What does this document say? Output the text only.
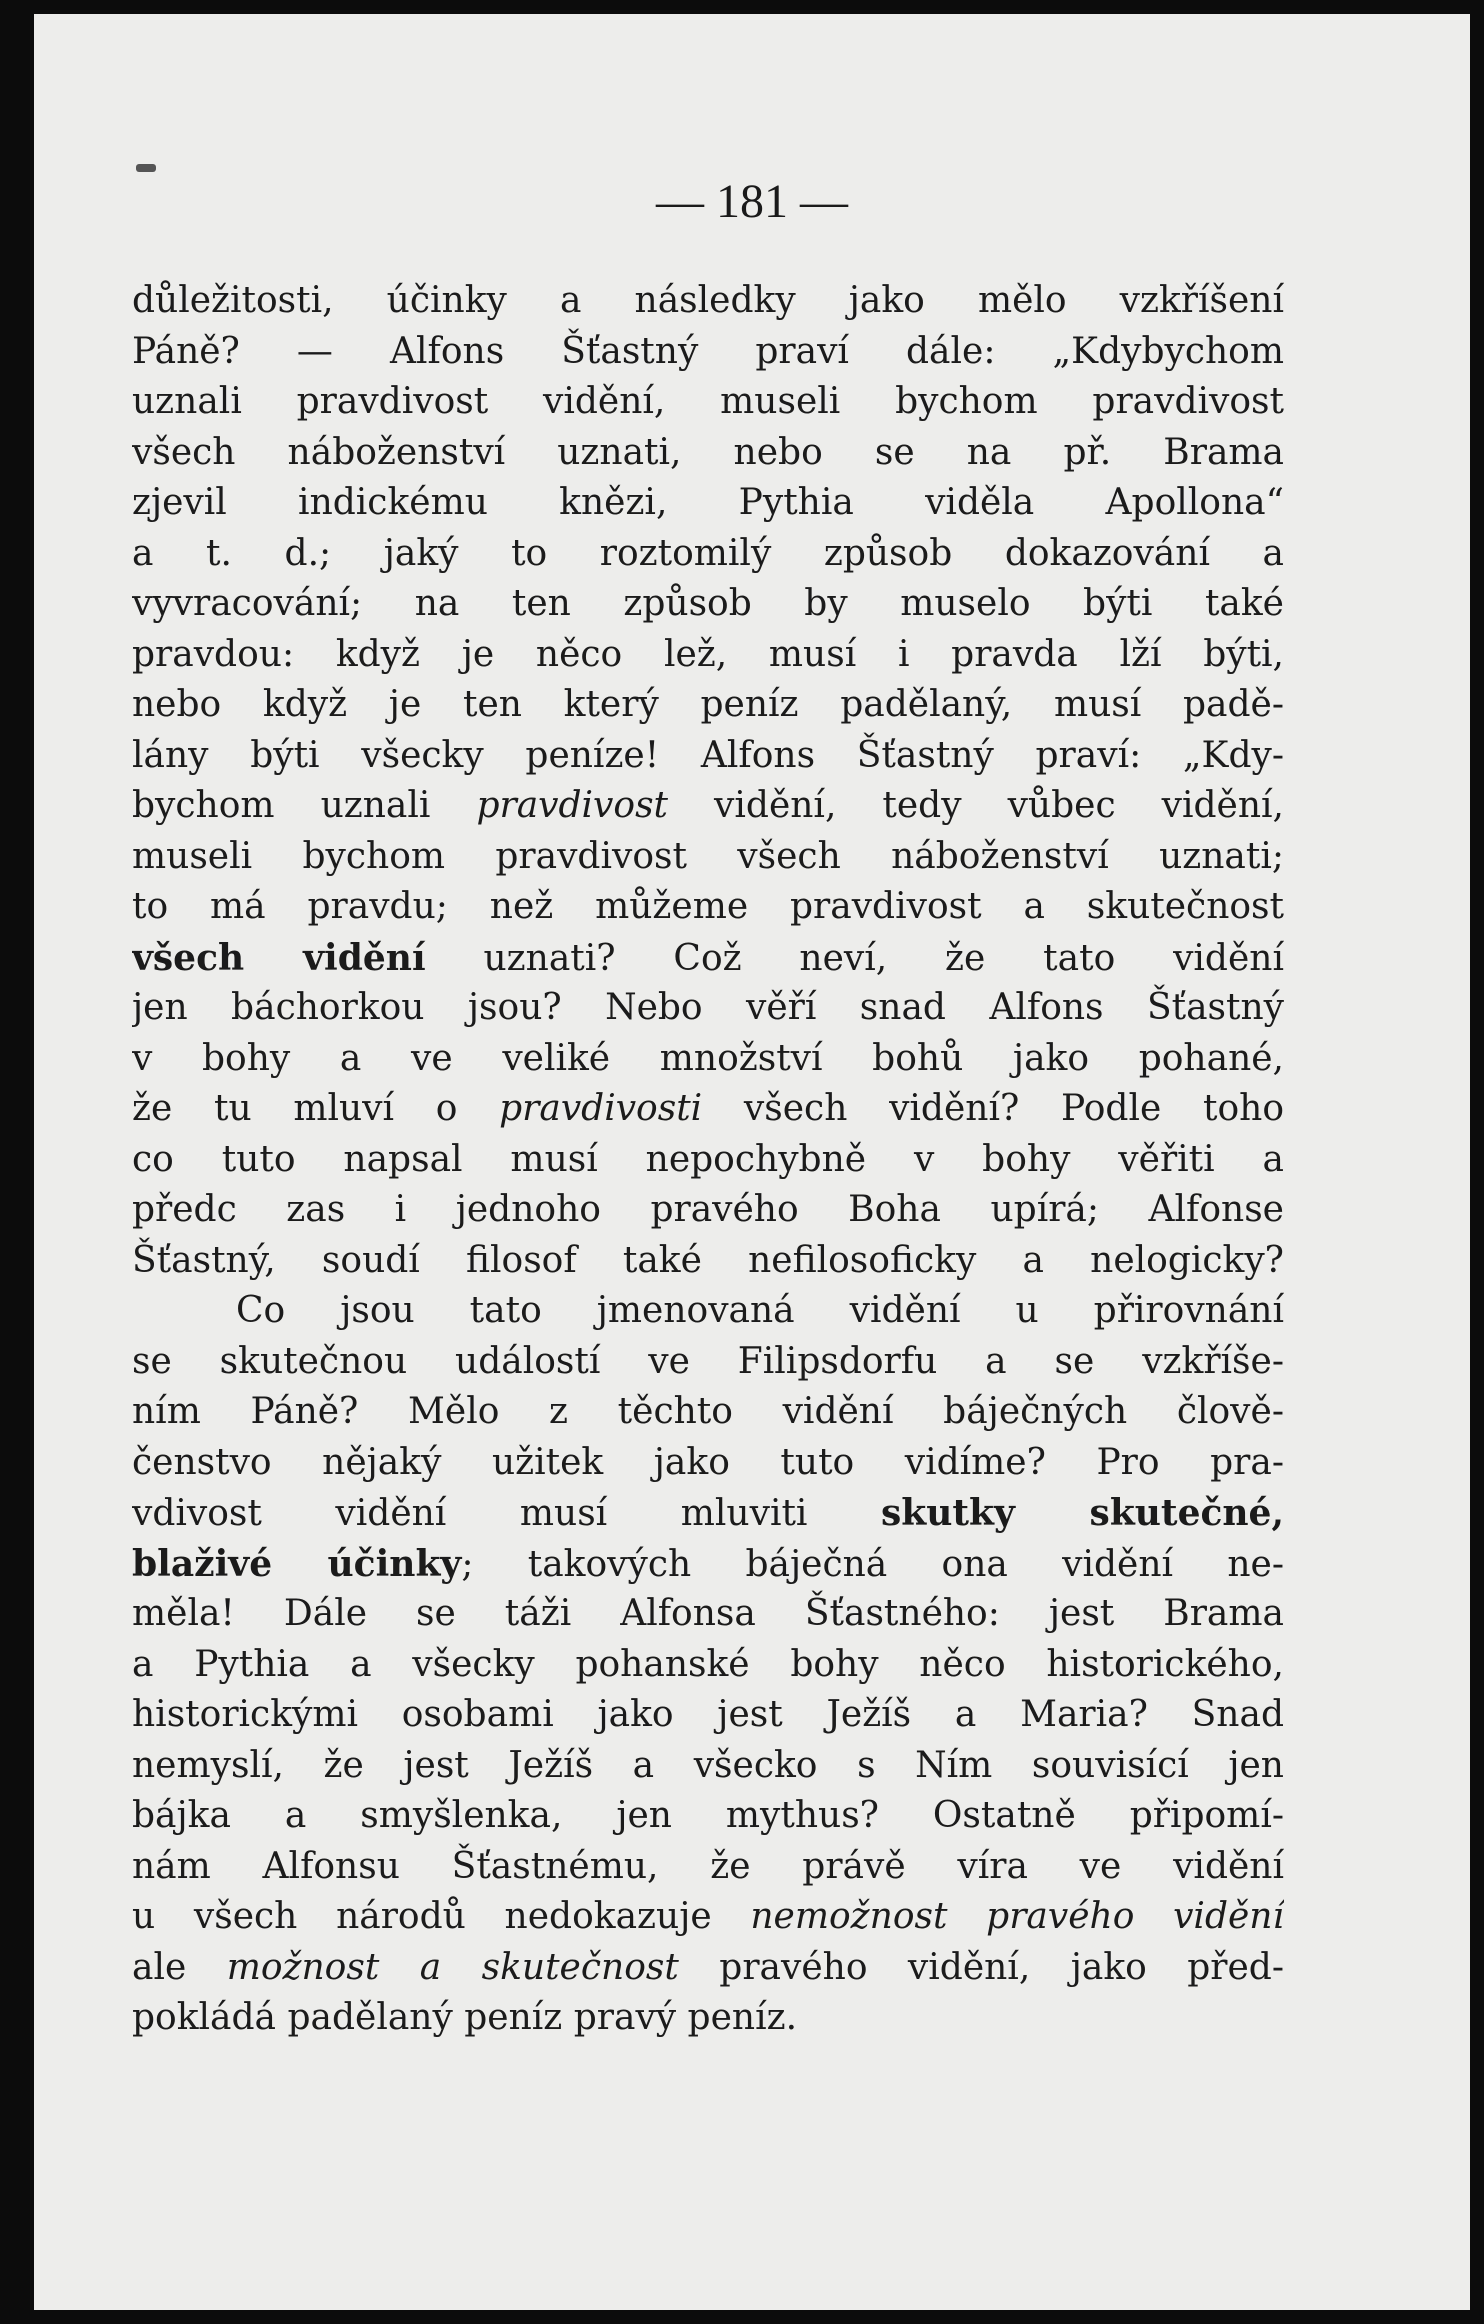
— 181 —
důležitosti, účinky a následky jako mělo vzkříšení
Páně? — Alfons Šťastný praví dále: „Kdybychom
uznali pravdivost vidění, museli bychom pravdivost
všech náboženství uznati, nebo se na př. Brama
zjevil indickému knězi, Pythia viděla Apollona“
a t. d.; jaký to roztomilý způsob dokazování a
vyvracování; na ten způsob by muselo býti také
pravdou: když je něco lež, musí i pravda lží býti,
nebo když je ten který peníz padělaný, musí padě-
lány býti všecky peníze! Alfons Šťastný praví: „Kdy-
bychom uznali pravdivost vidění, tedy vůbec vidění,
museli bychom pravdivost všech náboženství uznati;
to má pravdu; než můžeme pravdivost a skutečnost
všech vidění uznati? Což neví, že tato vidění
jen báchorkou jsou? Nebo věří snad Alfons Šťastný
v bohy a ve veliké množství bohů jako pohané,
že tu mluví o pravdivosti všech vidění? Podle toho
co tuto napsal musí nepochybně v bohy věřiti a
předc zas i jednoho pravého Boha upírá; Alfonse
Šťastný, soudí filosof také nefilosoficky a nelogicky?
Co jsou tato jmenovaná vidění u přirovnání
se skutečnou událostí ve Filipsdorfu a se vzkříše-
ním Páně? Mělo z těchto vidění báječných člově-
čenstvo nějaký užitek jako tuto vidíme? Pro pra-
vdivost vidění musí mluviti skutky skutečné,
blaživé účinky; takových báječná ona vidění ne-
měla! Dále se táži Alfonsa Šťastného: jest Brama
a Pythia a všecky pohanské bohy něco historického,
historickými osobami jako jest Ježíš a Maria? Snad
nemyslí, že jest Ježíš a všecko s Ním souvisící jen
bájka a smyšlenka, jen mythus? Ostatně připomí-
nám Alfonsu Šťastnému, že právě víra ve vidění
u všech národů nedokazuje nemožnost pravého vidění
ale možnost a skutečnost pravého vidění, jako před-
pokládá padělaný peníz pravý peníz.
